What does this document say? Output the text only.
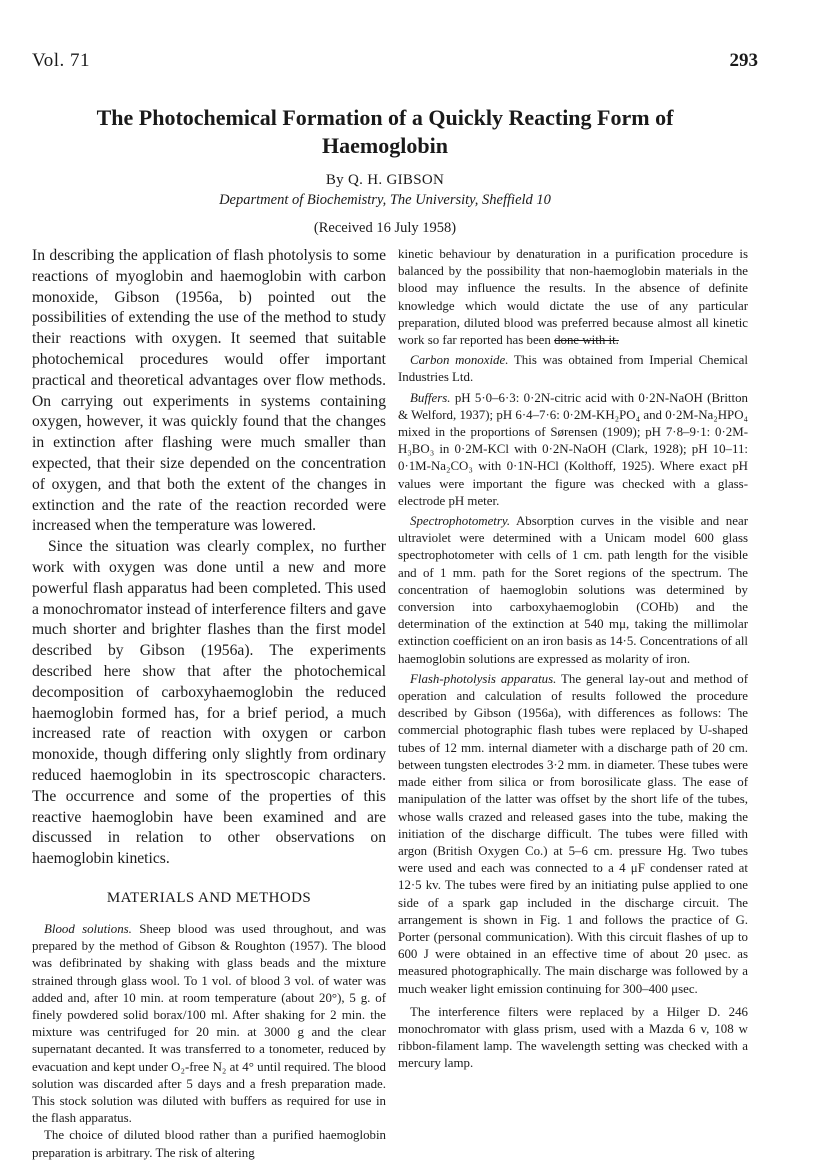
Vol. 71	293
The Photochemical Formation of a Quickly Reacting Form of Haemoglobin
By Q. H. GIBSON
Department of Biochemistry, The University, Sheffield 10
(Received 16 July 1958)

In describing the application of flash photolysis to some reactions of myoglobin and haemoglobin with carbon monoxide, Gibson (1956a, b) pointed out the possibilities of extending the use of the method to study their reactions with oxygen. It seemed that suitable photochemical procedures would offer important practical and theoretical advantages over flow methods. On carrying out experiments in systems containing oxygen, however, it was quickly found that the changes in extinction after flashing were much smaller than expected, that their size depended on the concentration of oxygen, and that both the extent of the changes in extinction and the rate of the reaction recorded were increased when the temperature was lowered.

Since the situation was clearly complex, no further work with oxygen was done until a new and more powerful flash apparatus had been completed. This used a monochromator instead of interference filters and gave much shorter and brighter flashes than the first model described by Gibson (1956a). The experiments described here show that after the photochemical decomposition of carboxyhaemoglobin the reduced haemoglobin formed has, for a brief period, a much increased rate of reaction with oxygen or carbon monoxide, though differing only slightly from ordinary reduced haemoglobin in its spectroscopic characters. The occurrence and some of the properties of this reactive haemoglobin have been examined and are discussed in relation to other observations on haemoglobin kinetics.

MATERIALS AND METHODS

Blood solutions. Sheep blood was used throughout, and was prepared by the method of Gibson & Roughton (1957). The blood was defibrinated by shaking with glass beads and the mixture strained through glass wool. To 1 vol. of blood 3 vol. of water was added and, after 10 min. at room temperature (about 20°), 5 g. of finely powdered solid borax/100 ml. After shaking for 2 min. the mixture was centrifuged for 20 min. at 3000 g and the clear supernatant decanted. It was transferred to a tonometer, reduced by evacuation and kept under O₂-free N₂ at 4° until required. The blood solution was discarded after 5 days and a fresh preparation made. This stock solution was diluted with buffers as required for use in the flash apparatus.

The choice of diluted blood rather than a purified haemoglobin preparation is arbitrary. The risk of altering

kinetic behaviour by denaturation in a purification procedure is balanced by the possibility that non-haemoglobin materials in the blood may influence the results. In the absence of definite knowledge which would dictate the use of any particular preparation, diluted blood was preferred because almost all kinetic work so far reported has been done with it.

Carbon monoxide. This was obtained from Imperial Chemical Industries Ltd.

Buffers. pH 5·0–6·3: 0·2N-citric acid with 0·2N-NaOH (Britton & Welford, 1937); pH 6·4–7·6: 0·2M-KH₂PO₄ and 0·2M-Na₂HPO₄ mixed in the proportions of Sørensen (1909); pH 7·8–9·1: 0·2M-H₃BO₃ in 0·2M-KCl with 0·2N-NaOH (Clark, 1928); pH 10–11: 0·1M-Na₂CO₃ with 0·1N-HCl (Kolthoff, 1925). Where exact pH values were important the figure was checked with a glass-electrode pH meter.

Spectrophotometry. Absorption curves in the visible and near ultraviolet were determined with a Unicam model 600 glass spectrophotometer with cells of 1 cm. path length for the visible and of 1 mm. path for the Soret regions of the spectrum. The concentration of haemoglobin solutions was determined by conversion into carboxyhaemoglobin (COHb) and the determination of the extinction at 540 mμ, taking the millimolar extinction coefficient on an iron basis as 14·5. Concentrations of all haemoglobin solutions are expressed as molarity of iron.

Flash-photolysis apparatus. The general lay-out and method of operation and calculation of results followed the procedure described by Gibson (1956a), with differences as follows: The commercial photographic flash tubes were replaced by U-shaped tubes of 12 mm. internal diameter with a discharge path of 20 cm. between tungsten electrodes 3·2 mm. in diameter. These tubes were made either from silica or from borosilicate glass. The ease of manipulation of the latter was offset by the short life of the tubes, whose walls crazed and released gases into the tube, making the initiation of the discharge difficult. The tubes were filled with argon (British Oxygen Co.) at 5–6 cm. pressure Hg. Two tubes were used and each was connected to a 4 μF condenser rated at 12·5 kv. The tubes were fired by an initiating pulse applied to one side of a spark gap included in the discharge circuit. The arrangement is shown in Fig. 1 and follows the practice of G. Porter (personal communication). With this circuit flashes of up to 600 J were obtained in an effective time of about 20 μsec. as measured photographically. The main discharge was followed by a much weaker light emission continuing for 300–400 μsec.

The interference filters were replaced by a Hilger D. 246 monochromator with glass prism, used with a Mazda 6 v, 108 w ribbon-filament lamp. The wavelength setting was checked with a mercury lamp.
